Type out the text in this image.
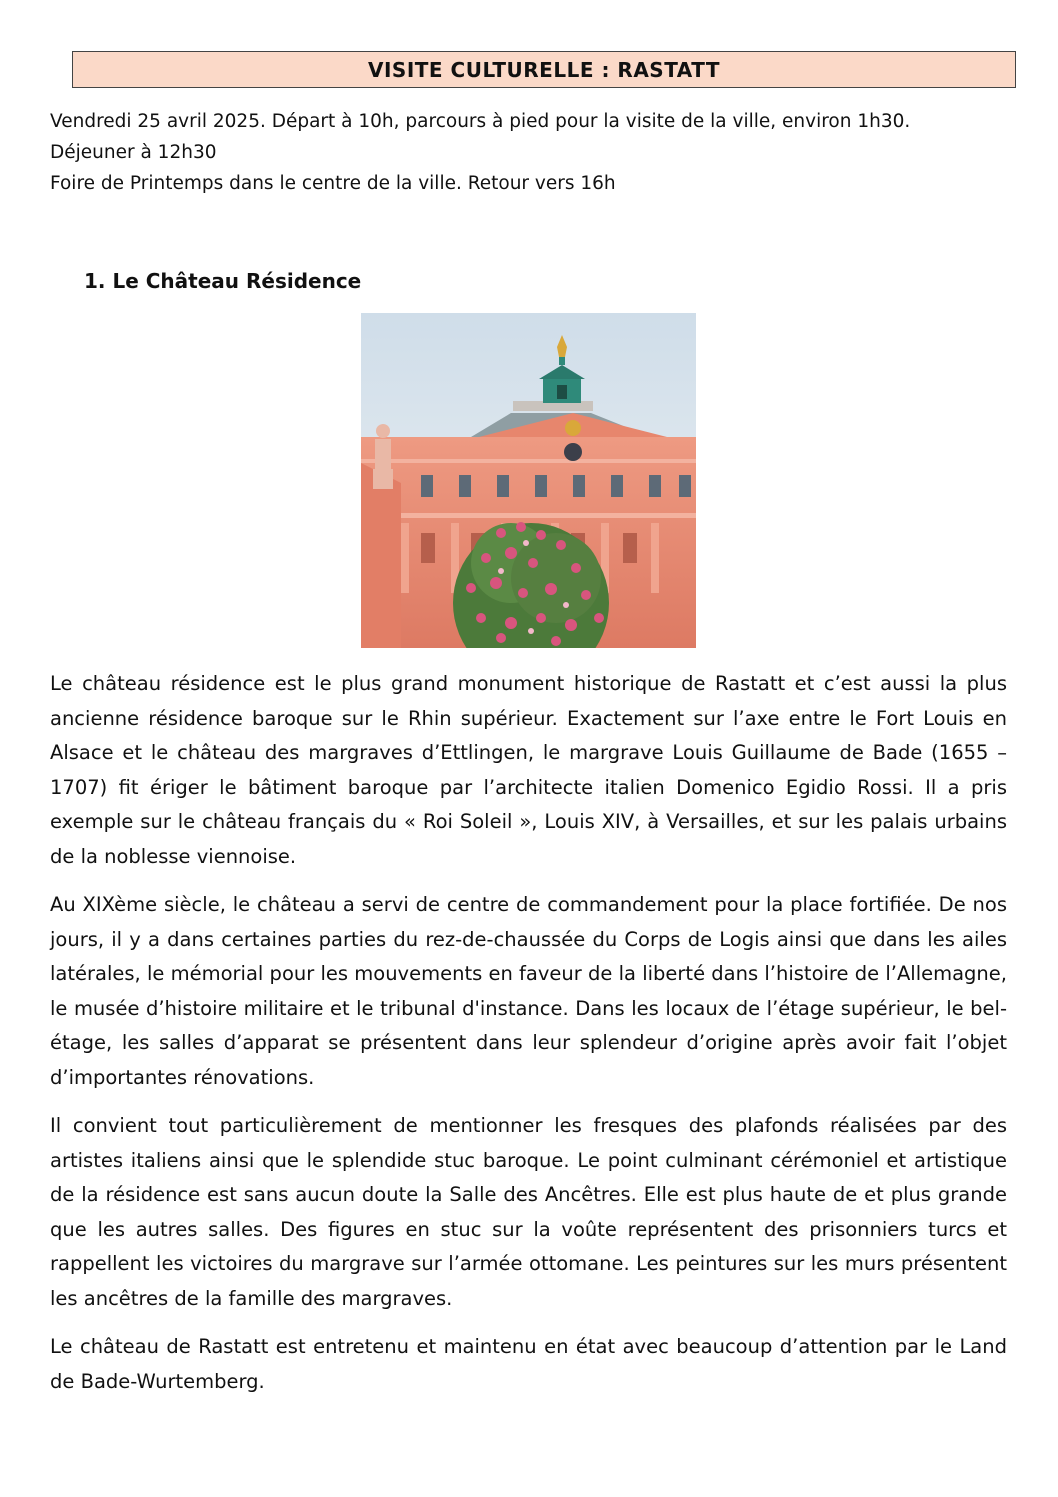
VISITE CULTURELLE : RASTATT
Vendredi 25 avril 2025. Départ à 10h, parcours à pied pour la visite de la ville, environ 1h30.
Déjeuner à 12h30
Foire de Printemps dans le centre de la ville. Retour vers 16h
1. Le Château Résidence

Le château résidence est le plus grand monument historique de Rastatt et c’est aussi la plus ancienne résidence baroque sur le Rhin supérieur. Exactement sur l’axe entre le Fort Louis en Alsace et le château des margraves d’Ettlingen, le margrave Louis Guillaume de Bade (1655 – 1707) fit ériger le bâtiment baroque par l’architecte italien Domenico Egidio Rossi. Il a pris exemple sur le château français du « Roi Soleil », Louis XIV, à Versailles, et sur les palais urbains de la noblesse viennoise.

Au XIXème siècle, le château a servi de centre de commandement pour la place fortifiée. De nos jours, il y a dans certaines parties du rez-de-chaussée du Corps de Logis ainsi que dans les ailes latérales, le mémorial pour les mouvements en faveur de la liberté dans l’histoire de l’Allemagne, le musée d’histoire militaire et le tribunal d'instance. Dans les locaux de l’étage supérieur, le bel-étage, les salles d’apparat se présentent dans leur splendeur d’origine après avoir fait l’objet d’importantes rénovations.

Il convient tout particulièrement de mentionner les fresques des plafonds réalisées par des artistes italiens ainsi que le splendide stuc baroque. Le point culminant cérémoniel et artistique de la résidence est sans aucun doute la Salle des Ancêtres. Elle est plus haute de et plus grande que les autres salles. Des figures en stuc sur la voûte représentent des prisonniers turcs et rappellent les victoires du margrave sur l’armée ottomane. Les peintures sur les murs présentent les ancêtres de la famille des margraves.

Le château de Rastatt est entretenu et maintenu en état avec beaucoup d’attention par le Land de Bade-Wurtemberg.
